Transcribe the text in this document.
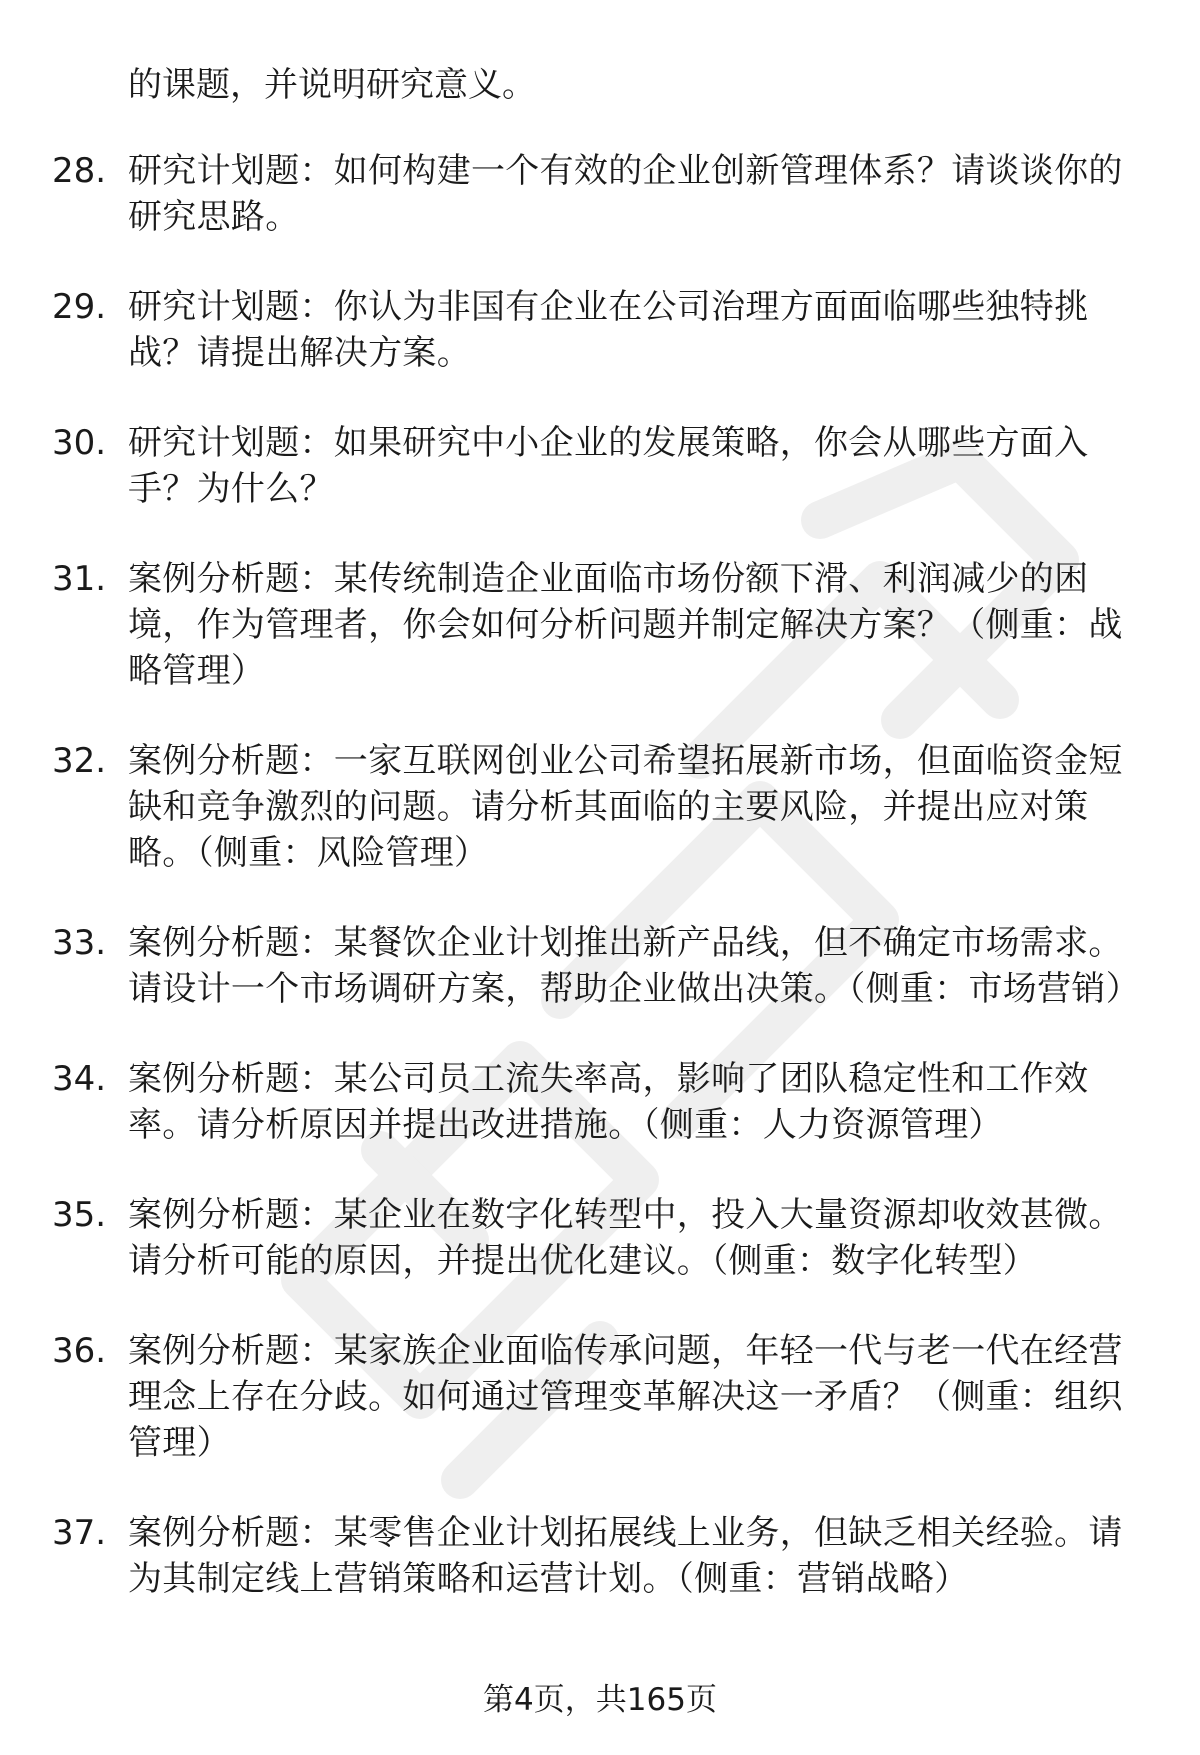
的课题，并说明研究意义。
28. 研究计划题：如何构建一个有效的企业创新管理体系？请谈谈你的研究思路。
29. 研究计划题：你认为非国有企业在公司治理方面面临哪些独特挑战？请提出解决方案。
30. 研究计划题：如果研究中小企业的发展策略，你会从哪些方面入手？为什么？
31. 案例分析题：某传统制造企业面临市场份额下滑、利润减少的困境，作为管理者，你会如何分析问题并制定解决方案？（侧重：战略管理）
32. 案例分析题：一家互联网创业公司希望拓展新市场，但面临资金短缺和竞争激烈的问题。请分析其面临的主要风险，并提出应对策略。（侧重：风险管理）
33. 案例分析题：某餐饮企业计划推出新产品线，但不确定市场需求。请设计一个市场调研方案，帮助企业做出决策。（侧重：市场营销）
34. 案例分析题：某公司员工流失率高，影响了团队稳定性和工作效率。请分析原因并提出改进措施。（侧重：人力资源管理）
35. 案例分析题：某企业在数字化转型中，投入大量资源却收效甚微。请分析可能的原因，并提出优化建议。（侧重：数字化转型）
36. 案例分析题：某家族企业面临传承问题，年轻一代与老一代在经营理念上存在分歧。如何通过管理变革解决这一矛盾？（侧重：组织管理）
37. 案例分析题：某零售企业计划拓展线上业务，但缺乏相关经验。请为其制定线上营销策略和运营计划。（侧重：营销战略）
第4页，共165页
